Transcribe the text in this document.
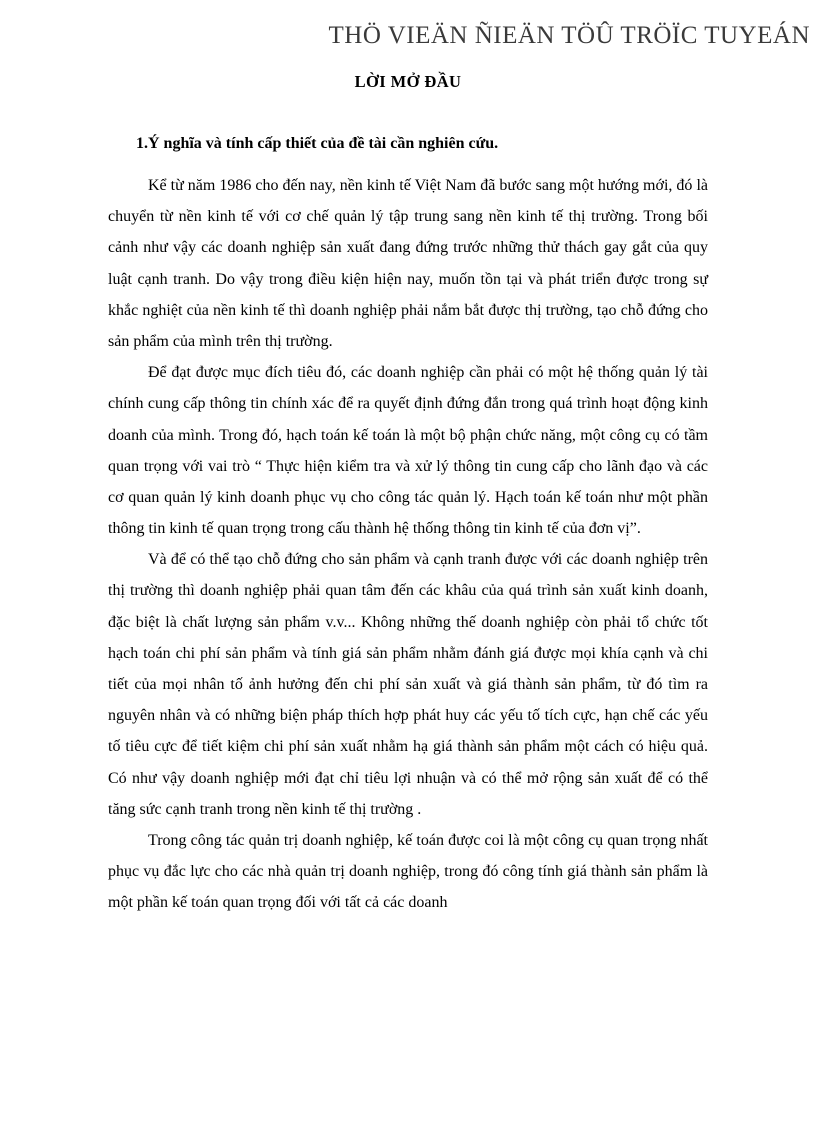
THÖ VIEÄN ÑIEÄN TÖÛ TRÖÏC TUYEÁN
LỜI MỞ ĐẦU
1.Ý nghĩa và tính cấp thiết của đề tài cần nghiên cứu.

Kể từ năm 1986 cho đến nay, nền kinh tế Việt Nam đã bước sang một hướng mới, đó là chuyển từ nền kinh tế với cơ chế quản lý tập trung sang nền kinh tế thị trường. Trong bối cảnh như vậy các doanh nghiệp sản xuất đang đứng trước những thử thách gay gắt của quy luật cạnh tranh. Do vậy trong điều kiện hiện nay, muốn tồn tại và phát triển được trong sự khắc nghiệt của nền kinh tế thì doanh nghiệp phải nắm bắt được thị trường, tạo chỗ đứng cho sản phẩm của mình trên thị trường.

Để đạt được mục đích tiêu đó, các doanh nghiệp cần phải có một hệ thống quản lý tài chính cung cấp thông tin chính xác để ra quyết định đứng đắn trong quá trình hoạt động kinh doanh của mình. Trong đó, hạch toán kế toán là một bộ phận chức năng, một công cụ có tầm quan trọng với vai trò “ Thực hiện kiểm tra và xử lý thông tin cung cấp cho lãnh đạo và các cơ quan quản lý kinh doanh phục vụ cho công tác quản lý. Hạch toán kế toán như một phần thông tin kinh tế quan trọng trong cấu thành hệ thống thông tin kinh tế của đơn vị”.

Và để có thể tạo chỗ đứng cho sản phẩm và cạnh tranh được với các doanh nghiệp trên thị trường thì doanh nghiệp phải quan tâm đến các khâu của quá trình sản xuất kinh doanh, đặc biệt là chất lượng sản phẩm v.v... Không những thế doanh nghiệp còn phải tổ chức tốt hạch toán chi phí sản phẩm và tính giá sản phẩm nhằm đánh giá được mọi khía cạnh và chi tiết của mọi nhân tố ảnh hưởng đến chi phí sản xuất và giá thành sản phẩm, từ đó tìm ra nguyên nhân và có những biện pháp thích hợp phát huy các yếu tố tích cực, hạn chế các yếu tố tiêu cực để tiết kiệm chi phí sản xuất nhằm hạ giá thành sản phẩm một cách có hiệu quả. Có như vậy doanh nghiệp mới đạt chỉ tiêu lợi nhuận và có thể mở rộng sản xuất để có thể tăng sức cạnh tranh trong nền kinh tế thị trường .

Trong công tác quản trị doanh nghiệp, kế toán được coi là một công cụ quan trọng nhất phục vụ đắc lực cho các nhà quản trị doanh nghiệp, trong đó công tính giá thành sản phẩm là một phần kế toán quan trọng đối với tất cả các doanh
